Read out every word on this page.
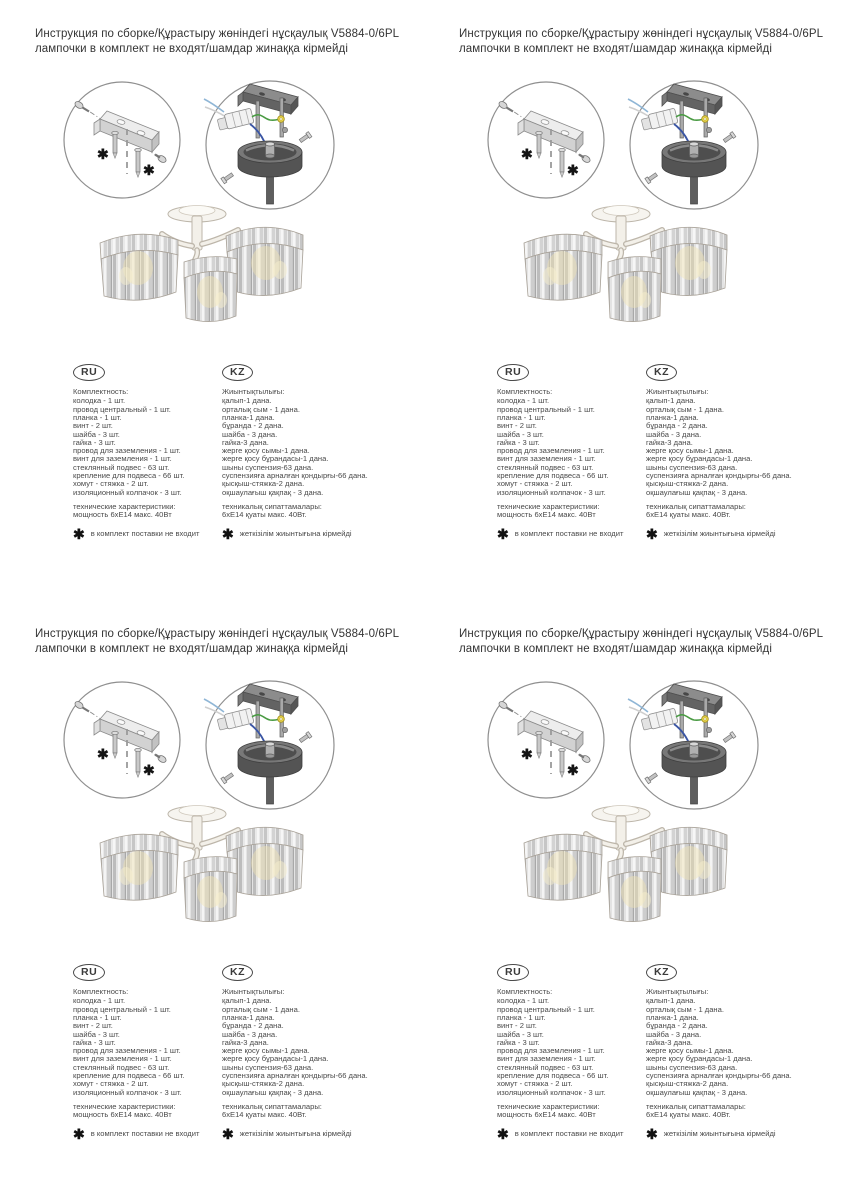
Инструкция по сборке/Құрастыру жөніндегі нұсқаулық V5884-0/6PL
лампочки в комплект не входят/шамдар жинаққа кірмейді
✱
✱
RU
Комплектность:
колодка - 1 шт.
провод центральный - 1 шт.
планка - 1 шт.
винт - 2 шт.
шайба - 3 шт.
гайка - 3 шт.
провод для заземления - 1 шт.
винт для заземления - 1 шт.
стеклянный подвес - 63 шт.
крепление для подвеса - 66 шт.
хомут - стяжка - 2 шт.
изоляционный колпачок - 3 шт.
технические характеристики:
мощность 6хЕ14 макс. 40Вт
✱ в комплект поставки не входит
KZ
Жиынтықтылығы:
қалып-1 дана.
орталық сым - 1 дана.
планка-1 дана.
бұранда - 2 дана.
шайба - 3 дана.
гайка-3 дана.
жерге қосу сымы-1 дана.
жерге қосу бұрандасы-1 дана.
шыны суспензия-63 дана.
суспензияға арналған қондырғы-66 дана.
қысқыш-стяжка-2 дана.
оқшаулағыш қақпақ - 3 дана.
техникалық сипаттамалары:
6хЕ14 қуаты макс. 40Вт.
✱ жеткізілім жиынтығына кірмейді
Инструкция по сборке/Құрастыру жөніндегі нұсқаулық V5884-0/6PL
лампочки в комплект не входят/шамдар жинаққа кірмейді
✱
✱
RU
Комплектность:
колодка - 1 шт.
провод центральный - 1 шт.
планка - 1 шт.
винт - 2 шт.
шайба - 3 шт.
гайка - 3 шт.
провод для заземления - 1 шт.
винт для заземления - 1 шт.
стеклянный подвес - 63 шт.
крепление для подвеса - 66 шт.
хомут - стяжка - 2 шт.
изоляционный колпачок - 3 шт.
технические характеристики:
мощность 6хЕ14 макс. 40Вт
✱ в комплект поставки не входит
KZ
Жиынтықтылығы:
қалып-1 дана.
орталық сым - 1 дана.
планка-1 дана.
бұранда - 2 дана.
шайба - 3 дана.
гайка-3 дана.
жерге қосу сымы-1 дана.
жерге қосу бұрандасы-1 дана.
шыны суспензия-63 дана.
суспензияға арналған қондырғы-66 дана.
қысқыш-стяжка-2 дана.
оқшаулағыш қақпақ - 3 дана.
техникалық сипаттамалары:
6хЕ14 қуаты макс. 40Вт.
✱ жеткізілім жиынтығына кірмейді
Инструкция по сборке/Құрастыру жөніндегі нұсқаулық V5884-0/6PL
лампочки в комплект не входят/шамдар жинаққа кірмейді
✱
✱
RU
Комплектность:
колодка - 1 шт.
провод центральный - 1 шт.
планка - 1 шт.
винт - 2 шт.
шайба - 3 шт.
гайка - 3 шт.
провод для заземления - 1 шт.
винт для заземления - 1 шт.
стеклянный подвес - 63 шт.
крепление для подвеса - 66 шт.
хомут - стяжка - 2 шт.
изоляционный колпачок - 3 шт.
технические характеристики:
мощность 6хЕ14 макс. 40Вт
✱ в комплект поставки не входит
KZ
Жиынтықтылығы:
қалып-1 дана.
орталық сым - 1 дана.
планка-1 дана.
бұранда - 2 дана.
шайба - 3 дана.
гайка-3 дана.
жерге қосу сымы-1 дана.
жерге қосу бұрандасы-1 дана.
шыны суспензия-63 дана.
суспензияға арналған қондырғы-66 дана.
қысқыш-стяжка-2 дана.
оқшаулағыш қақпақ - 3 дана.
техникалық сипаттамалары:
6хЕ14 қуаты макс. 40Вт.
✱ жеткізілім жиынтығына кірмейді
Инструкция по сборке/Құрастыру жөніндегі нұсқаулық V5884-0/6PL
лампочки в комплект не входят/шамдар жинаққа кірмейді
✱
✱
RU
Комплектность:
колодка - 1 шт.
провод центральный - 1 шт.
планка - 1 шт.
винт - 2 шт.
шайба - 3 шт.
гайка - 3 шт.
провод для заземления - 1 шт.
винт для заземления - 1 шт.
стеклянный подвес - 63 шт.
крепление для подвеса - 66 шт.
хомут - стяжка - 2 шт.
изоляционный колпачок - 3 шт.
технические характеристики:
мощность 6хЕ14 макс. 40Вт
✱ в комплект поставки не входит
KZ
Жиынтықтылығы:
қалып-1 дана.
орталық сым - 1 дана.
планка-1 дана.
бұранда - 2 дана.
шайба - 3 дана.
гайка-3 дана.
жерге қосу сымы-1 дана.
жерге қосу бұрандасы-1 дана.
шыны суспензия-63 дана.
суспензияға арналған қондырғы-66 дана.
қысқыш-стяжка-2 дана.
оқшаулағыш қақпақ - 3 дана.
техникалық сипаттамалары:
6хЕ14 қуаты макс. 40Вт.
✱ жеткізілім жиынтығына кірмейді
